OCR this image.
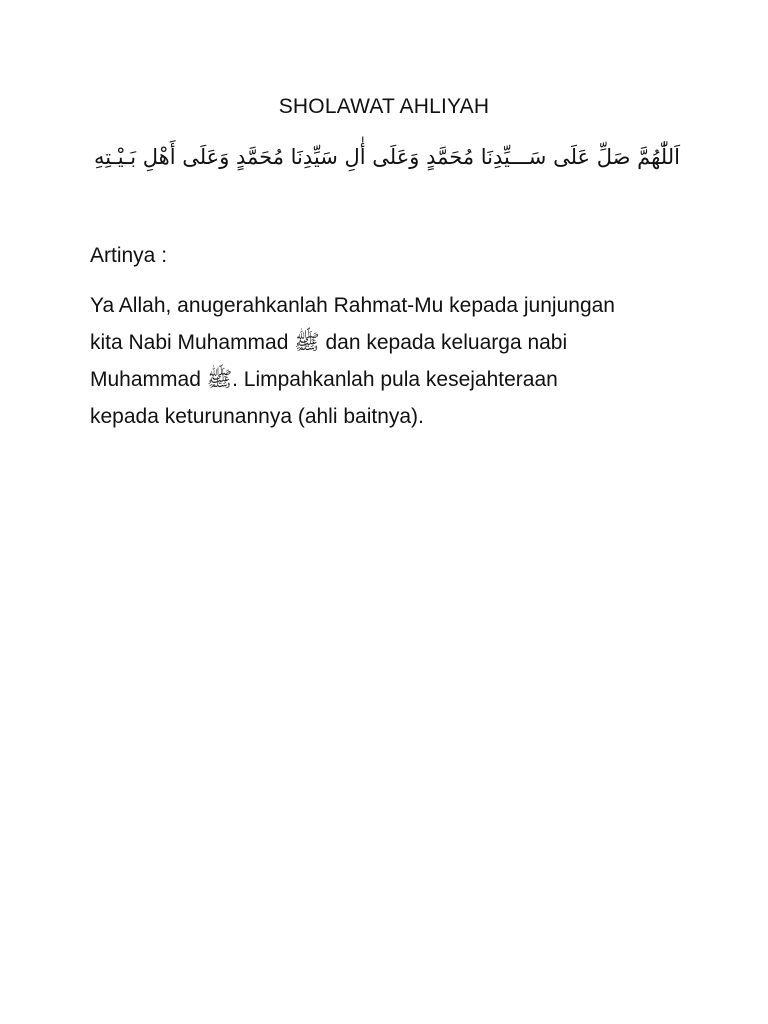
SHOLAWAT AHLIYAH
اَللّٰهُمَّ صَلِّ عَلَى سَـــيِّدِنَا مُحَمَّدٍ وَعَلَى أٰلِ سَيِّدِنَا مُحَمَّدٍ وَعَلَى أَهْلِ بَـيْـتِهِ
Artinya :

Ya Allah, anugerahkanlah Rahmat-Mu kepada junjungan

kita Nabi Muhammad ﷺ dan kepada keluarga nabi

Muhammad ﷺ. Limpahkanlah pula kesejahteraan

kepada keturunannya (ahli baitnya).
